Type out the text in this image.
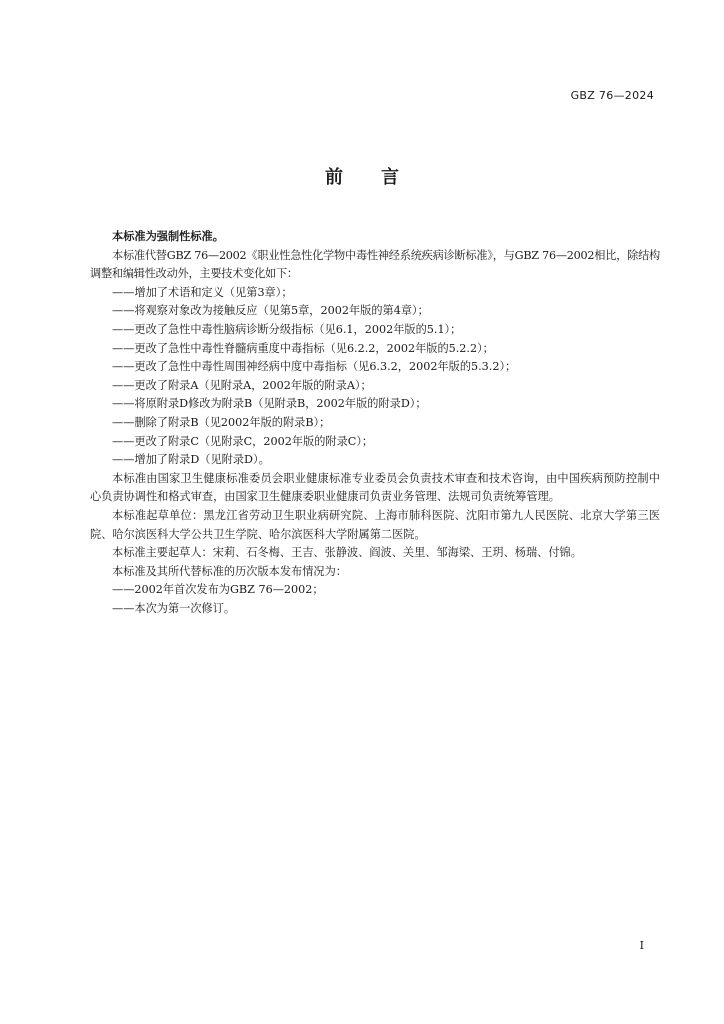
GBZ 76—2024
前言

本标准为强制性标准。

本标准代替GBZ 76—2002《职业性急性化学物中毒性神经系统疾病诊断标准》，与GBZ 76—2002相比，除结构调整和编辑性改动外，主要技术变化如下：

——增加了术语和定义（见第3章）；

——将观察对象改为接触反应（见第5章，2002年版的第4章）；

——更改了急性中毒性脑病诊断分级指标（见6.1，2002年版的5.1）；

——更改了急性中毒性脊髓病重度中毒指标（见6.2.2，2002年版的5.2.2）；

——更改了急性中毒性周围神经病中度中毒指标（见6.3.2，2002年版的5.3.2）；

——更改了附录A（见附录A，2002年版的附录A）；

——将原附录D修改为附录B（见附录B，2002年版的附录D）；

——删除了附录B（见2002年版的附录B）；

——更改了附录C（见附录C，2002年版的附录C）；

——增加了附录D（见附录D）。

本标准由国家卫生健康标准委员会职业健康标准专业委员会负责技术审查和技术咨询，由中国疾病预防控制中心负责协调性和格式审查，由国家卫生健康委职业健康司负责业务管理、法规司负责统筹管理。

本标准起草单位：黑龙江省劳动卫生职业病研究院、上海市肺科医院、沈阳市第九人民医院、北京大学第三医院、哈尔滨医科大学公共卫生学院、哈尔滨医科大学附属第二医院。

本标准主要起草人：宋莉、石冬梅、王吉、张静波、阎波、关里、邹海梁、王玥、杨瑞、付锦。

本标准及其所代替标准的历次版本发布情况为：

——2002年首次发布为GBZ 76—2002；

——本次为第一次修订。

I
